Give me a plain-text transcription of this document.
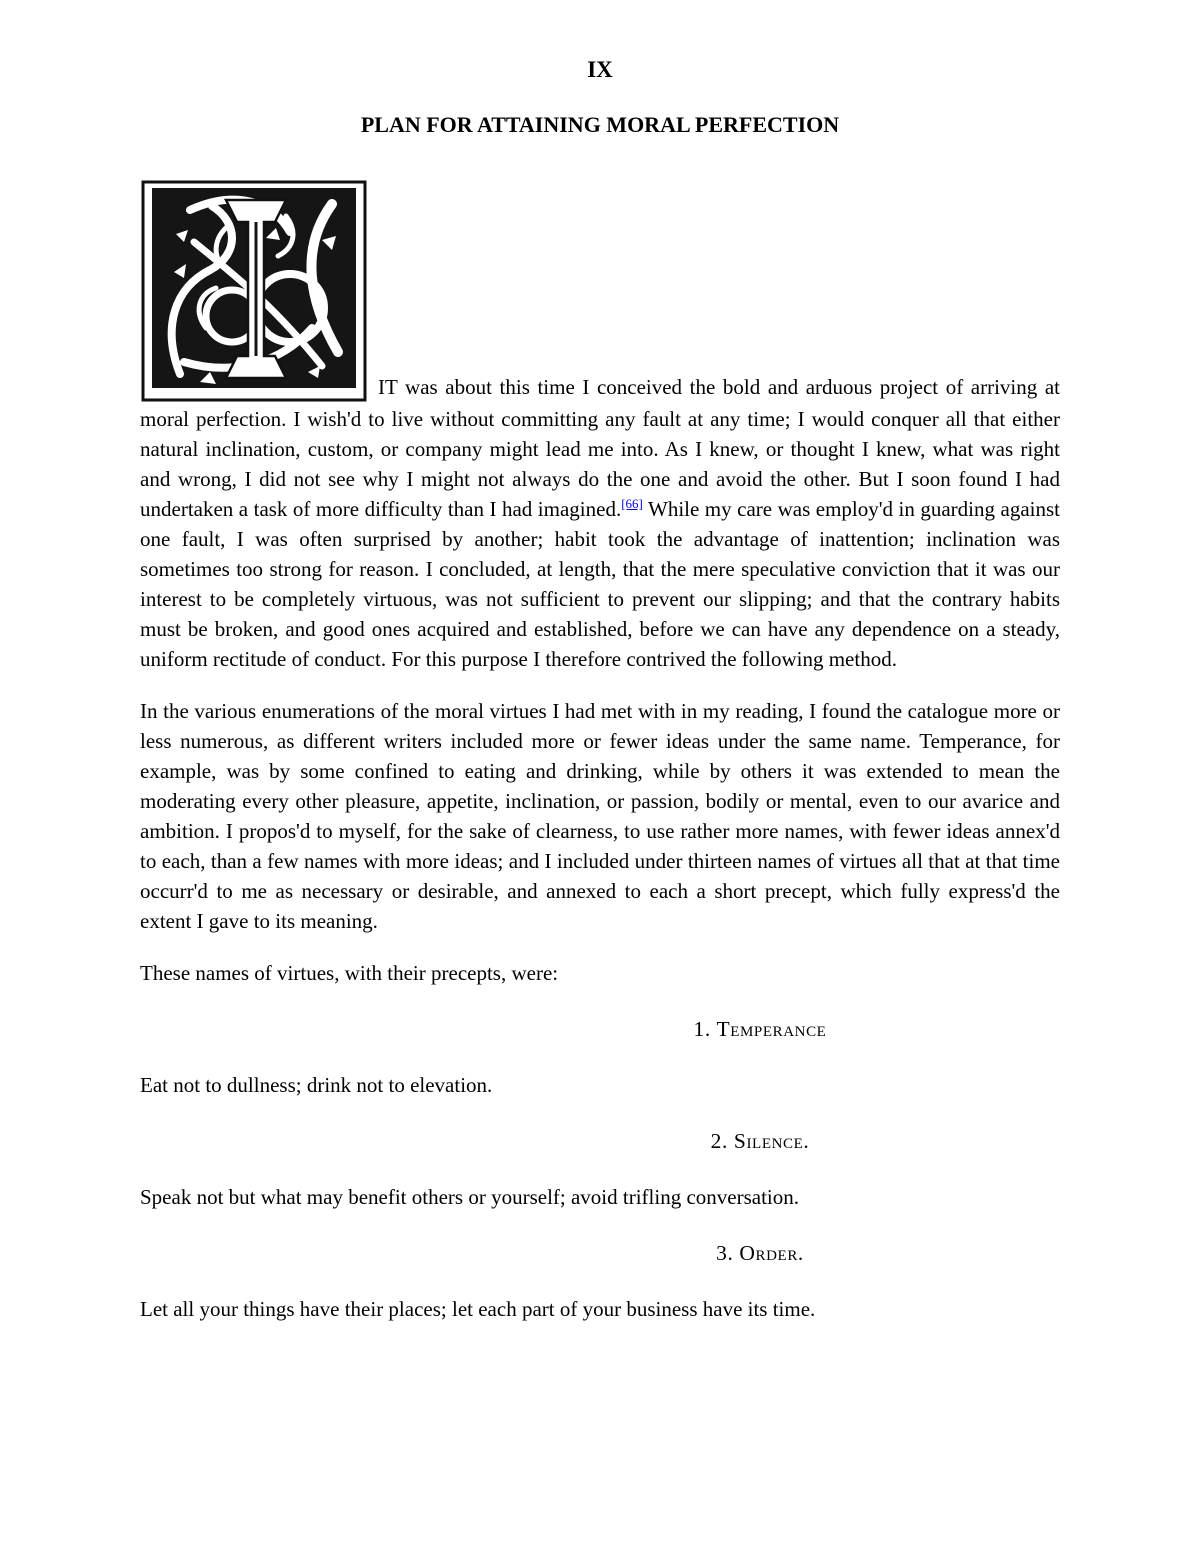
IX
PLAN FOR ATTAINING MORAL PERFECTION

IT was about this time I conceived the bold and arduous project of arriving at moral perfection. I wish'd to live without committing any fault at any time; I would conquer all that either natural inclination, custom, or company might lead me into. As I knew, or thought I knew, what was right and wrong, I did not see why I might not always do the one and avoid the other. But I soon found I had undertaken a task of more difficulty than I had imagined.[66] While my care was employ'd in guarding against one fault, I was often surprised by another; habit took the advantage of inattention; inclination was sometimes too strong for reason. I concluded, at length, that the mere speculative conviction that it was our interest to be completely virtuous, was not sufficient to prevent our slipping; and that the contrary habits must be broken, and good ones acquired and established, before we can have any dependence on a steady, uniform rectitude of conduct. For this purpose I therefore contrived the following method.

In the various enumerations of the moral virtues I had met with in my reading, I found the catalogue more or less numerous, as different writers included more or fewer ideas under the same name. Temperance, for example, was by some confined to eating and drinking, while by others it was extended to mean the moderating every other pleasure, appetite, inclination, or passion, bodily or mental, even to our avarice and ambition. I propos'd to myself, for the sake of clearness, to use rather more names, with fewer ideas annex'd to each, than a few names with more ideas; and I included under thirteen names of virtues all that at that time occurr'd to me as necessary or desirable, and annexed to each a short precept, which fully express'd the extent I gave to its meaning.

These names of virtues, with their precepts, were:

1. Temperance

Eat not to dullness; drink not to elevation.

2. Silence.

Speak not but what may benefit others or yourself; avoid trifling conversation.

3. Order.

Let all your things have their places; let each part of your business have its time.
